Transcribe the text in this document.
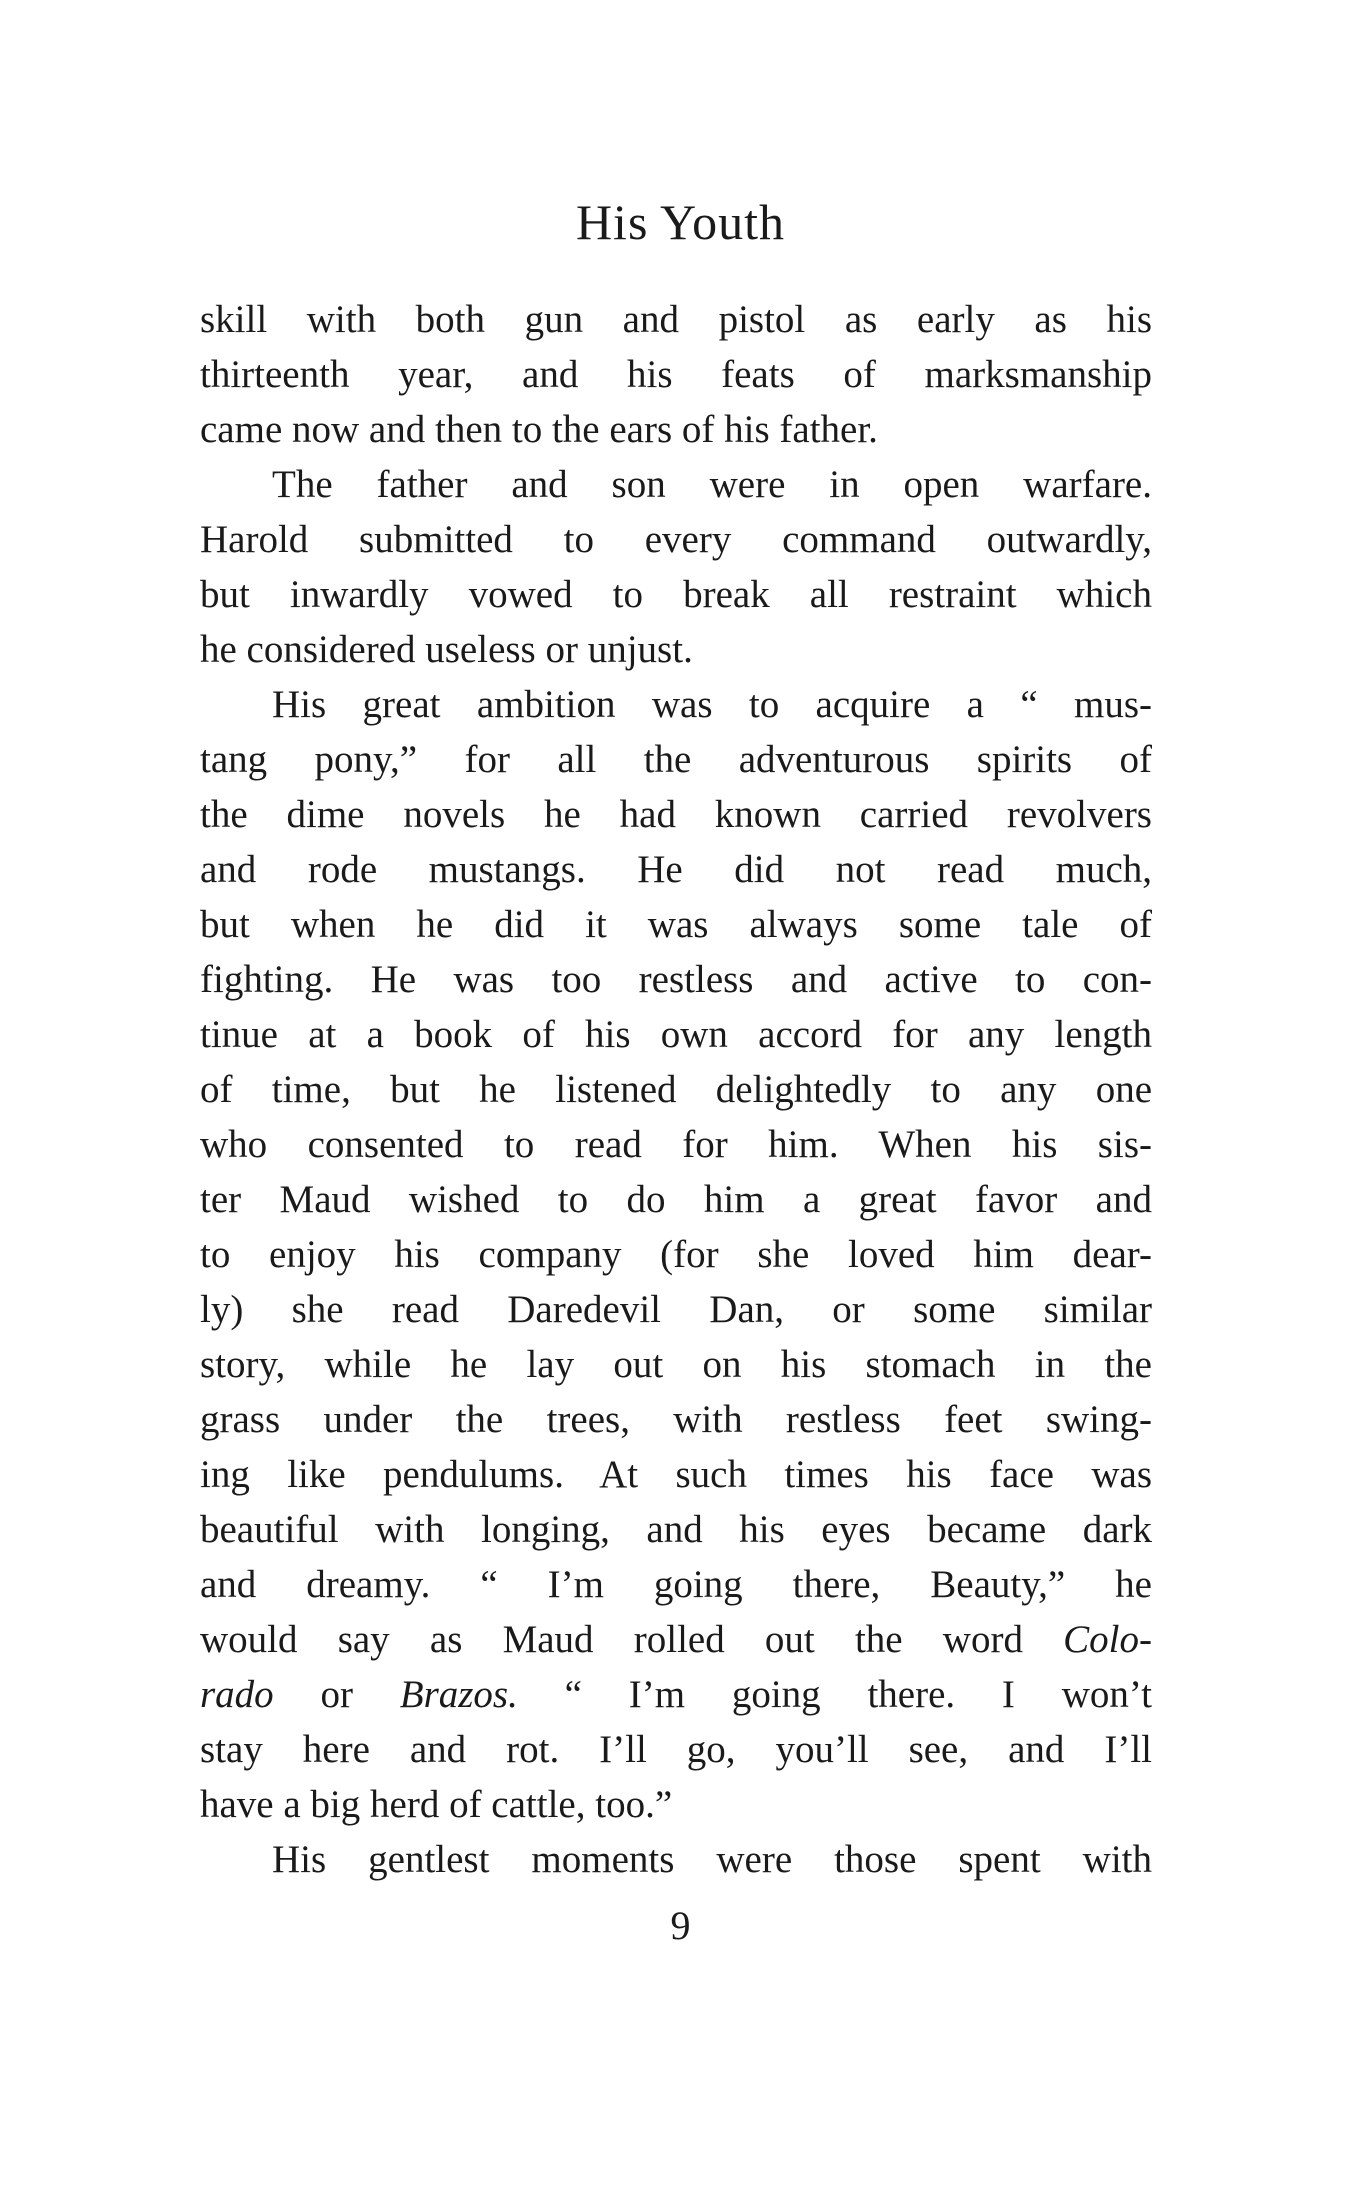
His Youth
skill with both gun and pistol as early as his
thirteenth year, and his feats of marksmanship
came now and then to the ears of his father.
The father and son were in open warfare.
Harold submitted to every command outwardly,
but inwardly vowed to break all restraint which
he considered useless or unjust.
His great ambition was to acquire a “ mus-
tang pony,” for all the adventurous spirits of
the dime novels he had known carried revolvers
and rode mustangs. He did not read much,
but when he did it was always some tale of
fighting. He was too restless and active to con-
tinue at a book of his own accord for any length
of time, but he listened delightedly to any one
who consented to read for him. When his sis-
ter Maud wished to do him a great favor and
to enjoy his company (for she loved him dear-
ly) she read Daredevil Dan, or some similar
story, while he lay out on his stomach in the
grass under the trees, with restless feet swing-
ing like pendulums. At such times his face was
beautiful with longing, and his eyes became dark
and dreamy. “ I’m going there, Beauty,” he
would say as Maud rolled out the word Colo-
rado or Brazos. “ I’m going there. I won’t
stay here and rot. I’ll go, you’ll see, and I’ll
have a big herd of cattle, too.”
His gentlest moments were those spent with
9
